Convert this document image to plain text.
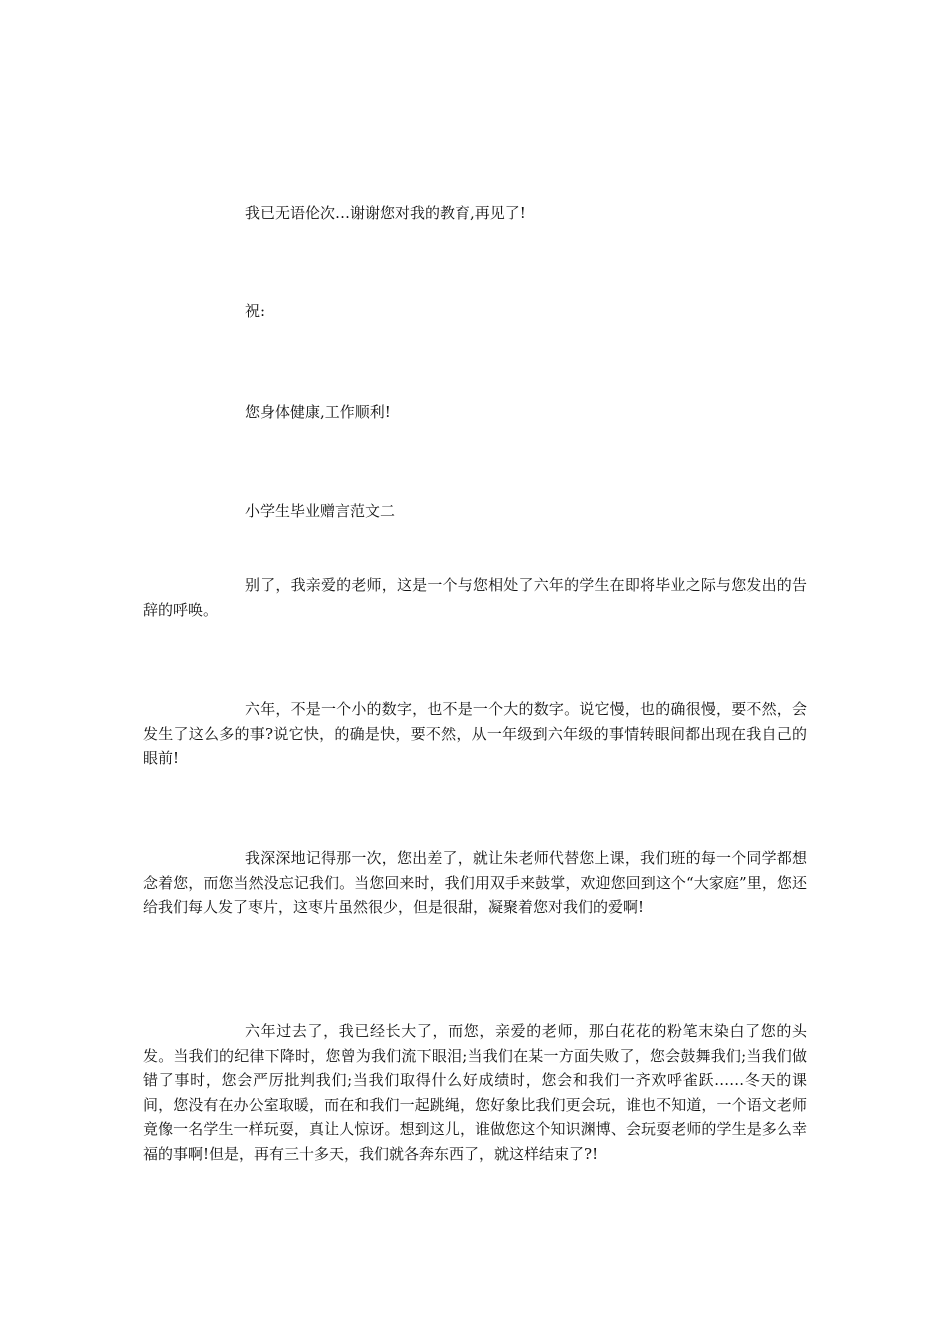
我已无语伦次…谢谢您对我的教育,再见了!
祝:
您身体健康,工作顺利!
小学生毕业赠言范文二

别了，我亲爱的老师，这是一个与您相处了六年的学生在即将毕业之际与您发出的告辞的呼唤。

六年，不是一个小的数字，也不是一个大的数字。说它慢，也的确很慢，要不然，会发生了这么多的事?说它快，的确是快，要不然，从一年级到六年级的事情转眼间都出现在我自己的眼前!

我深深地记得那一次，您出差了，就让朱老师代替您上课，我们班的每一个同学都想念着您，而您当然没忘记我们。当您回来时，我们用双手来鼓掌，欢迎您回到这个“大家庭”里，您还给我们每人发了枣片，这枣片虽然很少，但是很甜，凝聚着您对我们的爱啊!

六年过去了，我已经长大了，而您，亲爱的老师，那白花花的粉笔末染白了您的头发。当我们的纪律下降时，您曾为我们流下眼泪;当我们在某一方面失败了，您会鼓舞我们;当我们做错了事时，您会严厉批判我们;当我们取得什么好成绩时，您会和我们一齐欢呼雀跃……冬天的课间，您没有在办公室取暖，而在和我们一起跳绳，您好象比我们更会玩，谁也不知道，一个语文老师竟像一名学生一样玩耍，真让人惊讶。想到这儿，谁做您这个知识渊博、会玩耍老师的学生是多么幸福的事啊!但是，再有三十多天，我们就各奔东西了，就这样结束了?!
